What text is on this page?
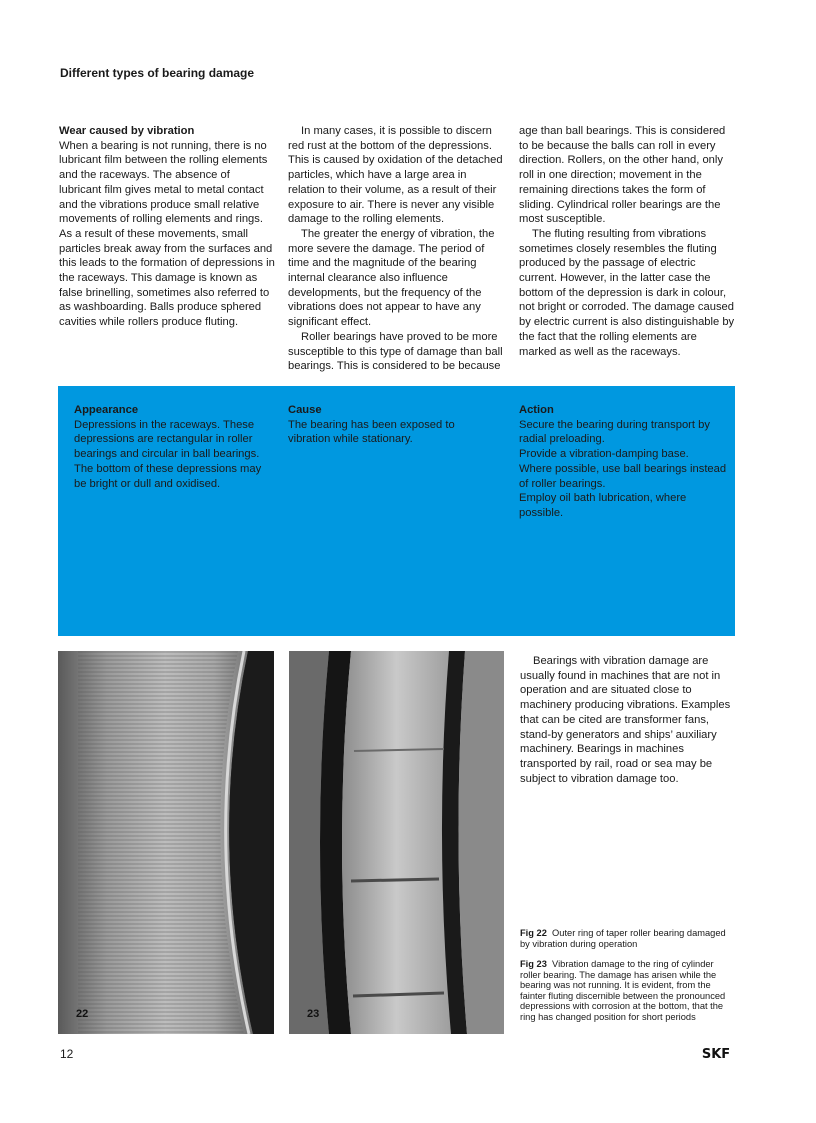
Different types of bearing damage
Wear caused by vibration

When a bearing is not running, there is no lubricant film between the rolling elements and the raceways. The absence of lubricant film gives metal to metal contact and the vibrations produce small relative movements of rolling elements and rings. As a result of these movements, small particles break away from the surfaces and this leads to the formation of depressions in the raceways. This damage is known as false brinelling, sometimes also referred to as washboarding. Balls produce sphered cavities while rollers produce fluting.

In many cases, it is possible to discern red rust at the bottom of the depressions. This is caused by oxidation of the detached particles, which have a large area in relation to their volume, as a result of their exposure to air. There is never any visible damage to the rolling elements.

The greater the energy of vibration, the more severe the damage. The period of time and the magnitude of the bearing internal clearance also influence developments, but the frequency of the vibrations does not appear to have any significant effect.

Roller bearings have proved to be more susceptible to this type of damage than ball bearings. This is considered to be because

age than ball bearings. This is considered to be because the balls can roll in every direction. Rollers, on the other hand, only roll in one direction; movement in the remaining directions takes the form of sliding. Cylindrical roller bearings are the most susceptible.

The fluting resulting from vibrations sometimes closely resembles the fluting produced by the passage of electric current. However, in the latter case the bottom of the depression is dark in colour, not bright or corroded. The damage caused by electric current is also distinguishable by the fact that the rolling elements are marked as well as the raceways.

Appearance

Depressions in the raceways. These depressions are rectangular in roller bearings and circular in ball bearings. The bottom of these depressions may be bright or dull and oxidised.

Cause

The bearing has been exposed to vibration while stationary.

Action

Secure the bearing during transport by radial preloading.

Provide a vibration-damping base.

Where possible, use ball bearings instead of roller bearings.

Employ oil bath lubrication, where possible.

22	23

Bearings with vibration damage are usually found in machines that are not in operation and are situated close to machinery producing vibrations. Examples that can be cited are transformer fans, stand-by generators and ships’ auxiliary machinery. Bearings in machines transported by rail, road or sea may be subject to vibration damage too.

Fig 22 Outer ring of taper roller bearing damaged by vibration during operation
Fig 23 Vibration damage to the ring of cylinder roller bearing. The damage has arisen while the bearing was not running. It is evident, from the fainter fluting discernible between the pronounced depressions with corrosion at the bottom, that the ring has changed position for short periods
12	SKF
